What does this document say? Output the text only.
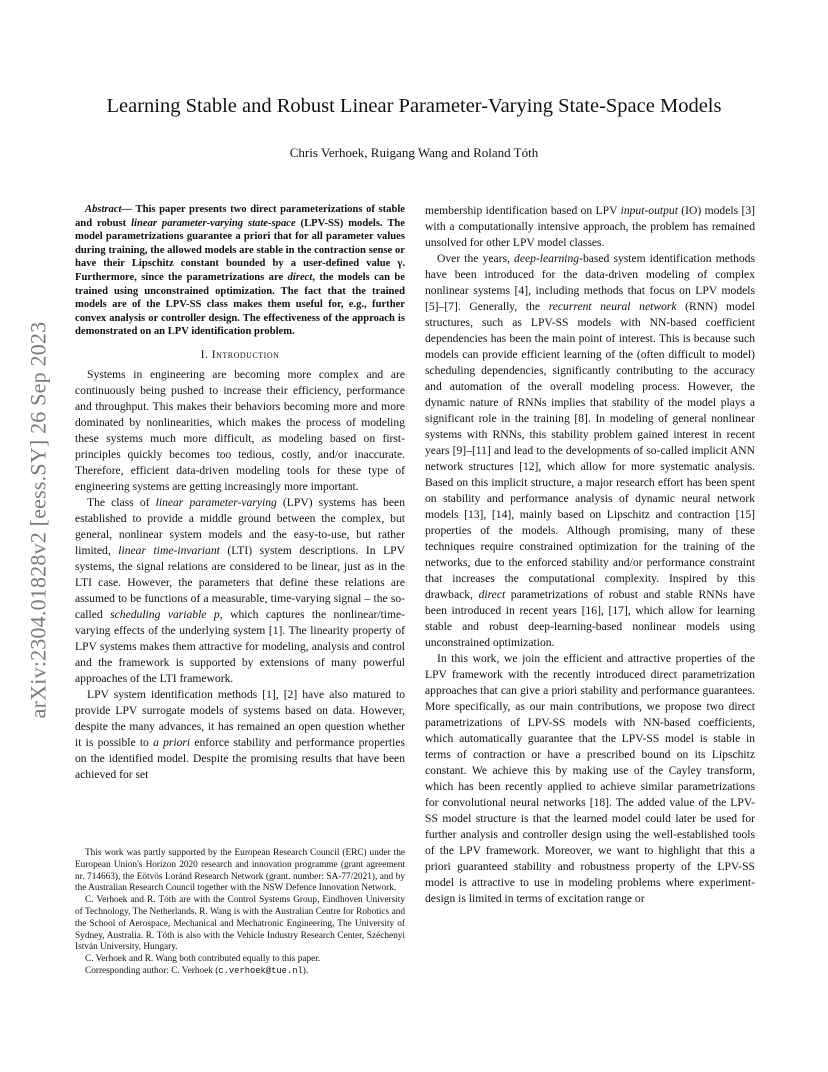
arXiv:2304.01828v2 [eess.SY] 26 Sep 2023
Learning Stable and Robust Linear Parameter-Varying State-Space Models
Chris Verhoek, Ruigang Wang and Roland Tóth

Abstract— This paper presents two direct parameterizations of stable and robust linear parameter-varying state-space (LPV-SS) models. The model parametrizations guarantee a priori that for all parameter values during training, the allowed models are stable in the contraction sense or have their Lipschitz constant bounded by a user-defined value γ. Furthermore, since the parametrizations are direct, the models can be trained using unconstrained optimization. The fact that the trained models are of the LPV-SS class makes them useful for, e.g., further convex analysis or controller design. The effectiveness of the approach is demonstrated on an LPV identification problem.

I. Introduction

Systems in engineering are becoming more complex and are continuously being pushed to increase their efficiency, performance and throughput. This makes their behaviors becoming more and more dominated by nonlinearities, which makes the process of modeling these systems much more difficult, as modeling based on first-principles quickly becomes too tedious, costly, and/or inaccurate. Therefore, efficient data-driven modeling tools for these type of engineering systems are getting increasingly more important.

The class of linear parameter-varying (LPV) systems has been established to provide a middle ground between the complex, but general, nonlinear system models and the easy-to-use, but rather limited, linear time-invariant (LTI) system descriptions. In LPV systems, the signal relations are considered to be linear, just as in the LTI case. However, the parameters that define these relations are assumed to be functions of a measurable, time-varying signal – the so-called scheduling variable p, which captures the nonlinear/time-varying effects of the underlying system [1]. The linearity property of LPV systems makes them attractive for modeling, analysis and control and the framework is supported by extensions of many powerful approaches of the LTI framework.

LPV system identification methods [1], [2] have also matured to provide LPV surrogate models of systems based on data. However, despite the many advances, it has remained an open question whether it is possible to a priori enforce stability and performance properties on the identified model. Despite the promising results that have been achieved for set

This work was partly supported by the European Research Council (ERC) under the European Union's Horizon 2020 research and innovation programme (grant agreement nr. 714663), the Eötvös Loránd Research Network (grant. number: SA-77/2021), and by the Australian Research Council together with the NSW Defence Innovation Network.

C. Verhoek and R. Tóth are with the Control Systems Group, Eindhoven University of Technology, The Netherlands. R. Wang is with the Australian Centre for Robotics and the School of Aerospace, Mechanical and Mechatronic Engineering, The University of Sydney, Australia. R. Tóth is also with the Vehicle Industry Research Center, Széchenyi István University, Hungary.

C. Verhoek and R. Wang both contributed equally to this paper.

Corresponding author: C. Verhoek (c.verhoek@tue.nl).

membership identification based on LPV input-output (IO) models [3] with a computationally intensive approach, the problem has remained unsolved for other LPV model classes.

Over the years, deep-learning-based system identification methods have been introduced for the data-driven modeling of complex nonlinear systems [4], including methods that focus on LPV models [5]–[7]. Generally, the recurrent neural network (RNN) model structures, such as LPV-SS models with NN-based coefficient dependencies has been the main point of interest. This is because such models can provide efficient learning of the (often difficult to model) scheduling dependencies, significantly contributing to the accuracy and automation of the overall modeling process. However, the dynamic nature of RNNs implies that stability of the model plays a significant role in the training [8]. In modeling of general nonlinear systems with RNNs, this stability problem gained interest in recent years [9]–[11] and lead to the developments of so-called implicit ANN network structures [12], which allow for more systematic analysis. Based on this implicit structure, a major research effort has been spent on stability and performance analysis of dynamic neural network models [13], [14], mainly based on Lipschitz and contraction [15] properties of the models. Although promising, many of these techniques require constrained optimization for the training of the networks, due to the enforced stability and/or performance constraint that increases the computational complexity. Inspired by this drawback, direct parametrizations of robust and stable RNNs have been introduced in recent years [16], [17], which allow for learning stable and robust deep-learning-based nonlinear models using unconstrained optimization.

In this work, we join the efficient and attractive properties of the LPV framework with the recently introduced direct parametrization approaches that can give a priori stability and performance guarantees. More specifically, as our main contributions, we propose two direct parametrizations of LPV-SS models with NN-based coefficients, which automatically guarantee that the LPV-SS model is stable in terms of contraction or have a prescribed bound on its Lipschitz constant. We achieve this by making use of the Cayley transform, which has been recently applied to achieve similar parametrizations for convolutional neural networks [18]. The added value of the LPV-SS model structure is that the learned model could later be used for further analysis and controller design using the well-established tools of the LPV framework. Moreover, we want to highlight that this a priori guaranteed stability and robustness property of the LPV-SS model is attractive to use in modeling problems where experiment-design is limited in terms of excitation range or
